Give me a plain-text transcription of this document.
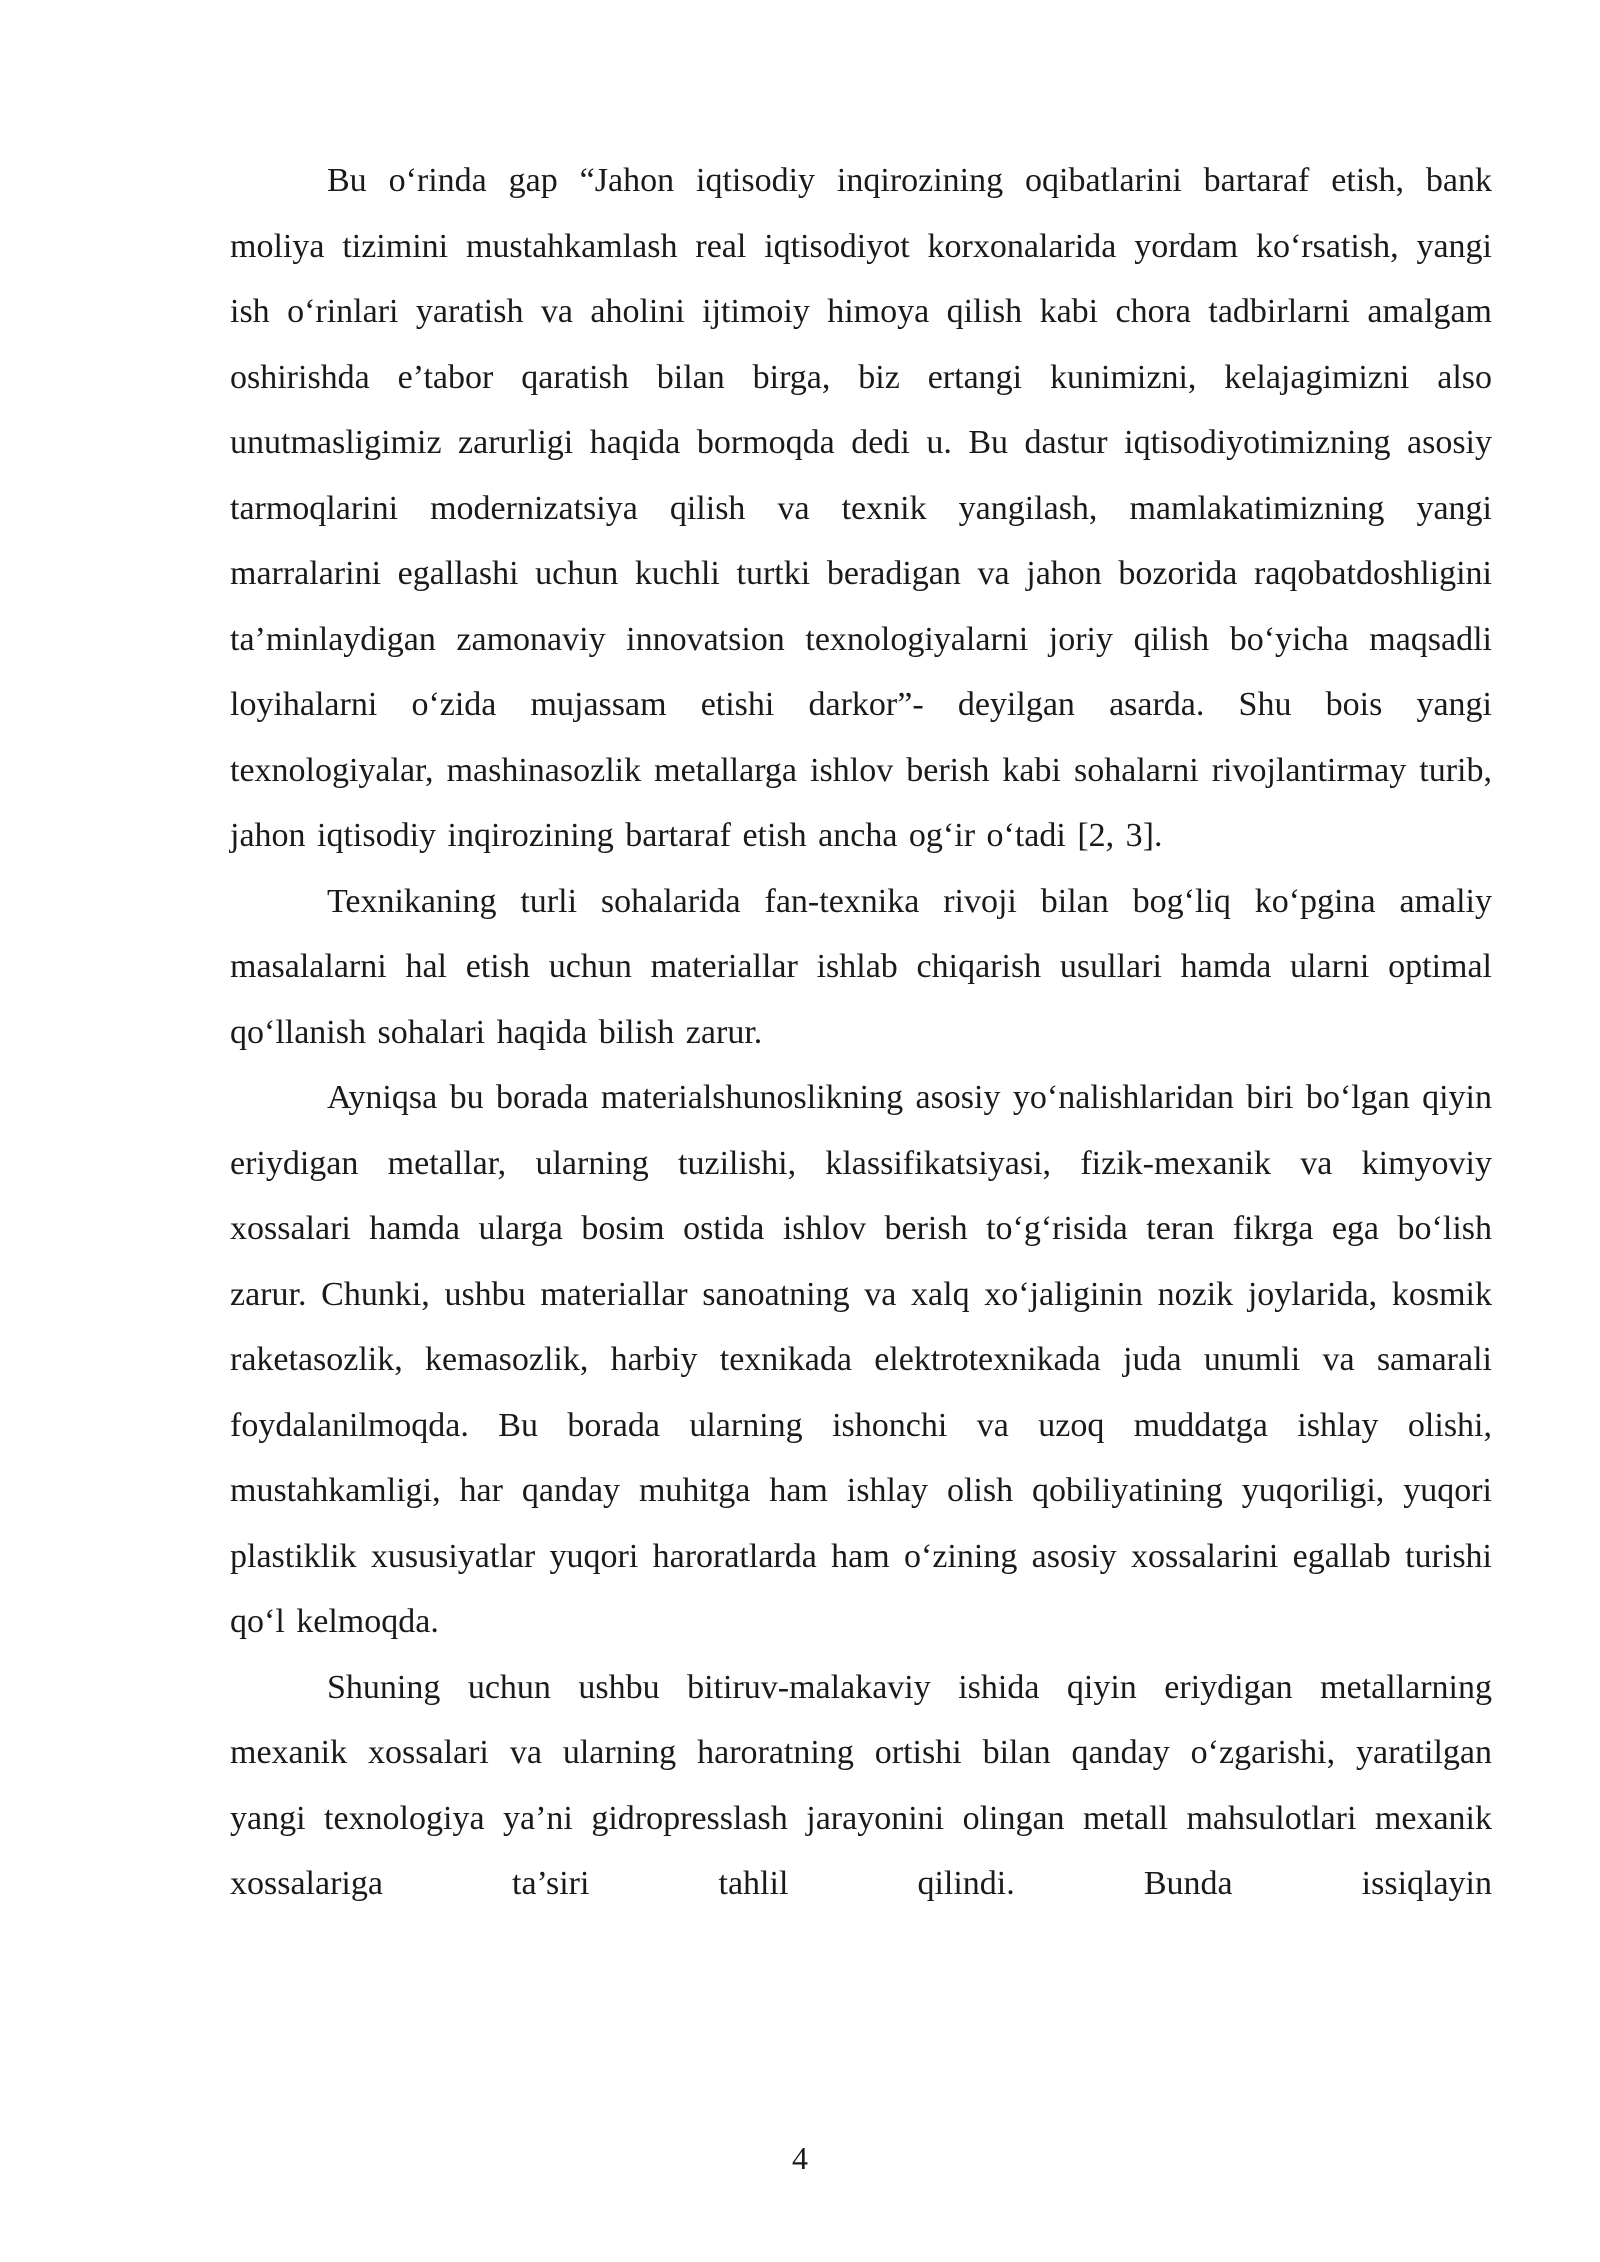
Bu o‘rinda gap “Jahon iqtisodiy inqirozining oqibatlarini bartaraf etish, bank moliya tizimini mustahkamlash real iqtisodiyot korxonalarida yordam ko‘rsatish, yangi ish o‘rinlari yaratish va aholini ijtimoiy himoya qilish kabi chora tadbirlarni amalgam oshirishda e’tabor qaratish bilan birga, biz ertangi kunimizni, kelajagimizni also unutmasligimiz zarurligi haqida bormoqda dedi u. Bu dastur iqtisodiyotimizning asosiy tarmoqlarini modernizatsiya qilish va texnik yangilash, mamlakatimizning yangi marralarini egallashi uchun kuchli turtki beradigan va jahon bozorida raqobatdoshligini ta’minlaydigan zamonaviy innovatsion texnologiyalarni joriy qilish bo‘yicha maqsadli loyihalarni o‘zida mujassam etishi darkor”- deyilgan asarda. Shu bois yangi texnologiyalar, mashinasozlik metallarga ishlov berish kabi sohalarni rivojlantirmay turib, jahon iqtisodiy inqirozining bartaraf etish ancha og‘ir o‘tadi [2, 3].

Texnikaning turli sohalarida fan-texnika rivoji bilan bog‘liq ko‘pgina amaliy masalalarni hal etish uchun materiallar ishlab chiqarish usullari hamda ularni optimal qo‘llanish sohalari haqida bilish zarur.

Ayniqsa bu borada materialshunoslikning asosiy yo‘nalishlaridan biri bo‘lgan qiyin eriydigan metallar, ularning tuzilishi, klassifikatsiyasi, fizik-mexanik va kimyoviy xossalari hamda ularga bosim ostida ishlov berish to‘g‘risida teran fikrga ega bo‘lish zarur. Chunki, ushbu materiallar sanoatning va xalq xo‘jaliginin nozik joylarida, kosmik raketasozlik, kemasozlik, harbiy texnikada elektrotexnikada juda unumli va samarali foydalanilmoqda. Bu borada ularning ishonchi va uzoq muddatga ishlay olishi, mustahkamligi, har qanday muhitga ham ishlay olish qobiliyatining yuqoriligi, yuqori plastiklik xususiyatlar yuqori haroratlarda ham o‘zining asosiy xossalarini egallab turishi qo‘l kelmoqda.

Shuning uchun ushbu bitiruv-malakaviy ishida qiyin eriydigan metallarning mexanik xossalari va ularning haroratning ortishi bilan qanday o‘zgarishi, yaratilgan yangi texnologiya ya’ni gidropresslash jarayonini olingan metall mahsulotlari mexanik xossalariga ta’siri tahlil qilindi. Bunda issiqlayin

4
